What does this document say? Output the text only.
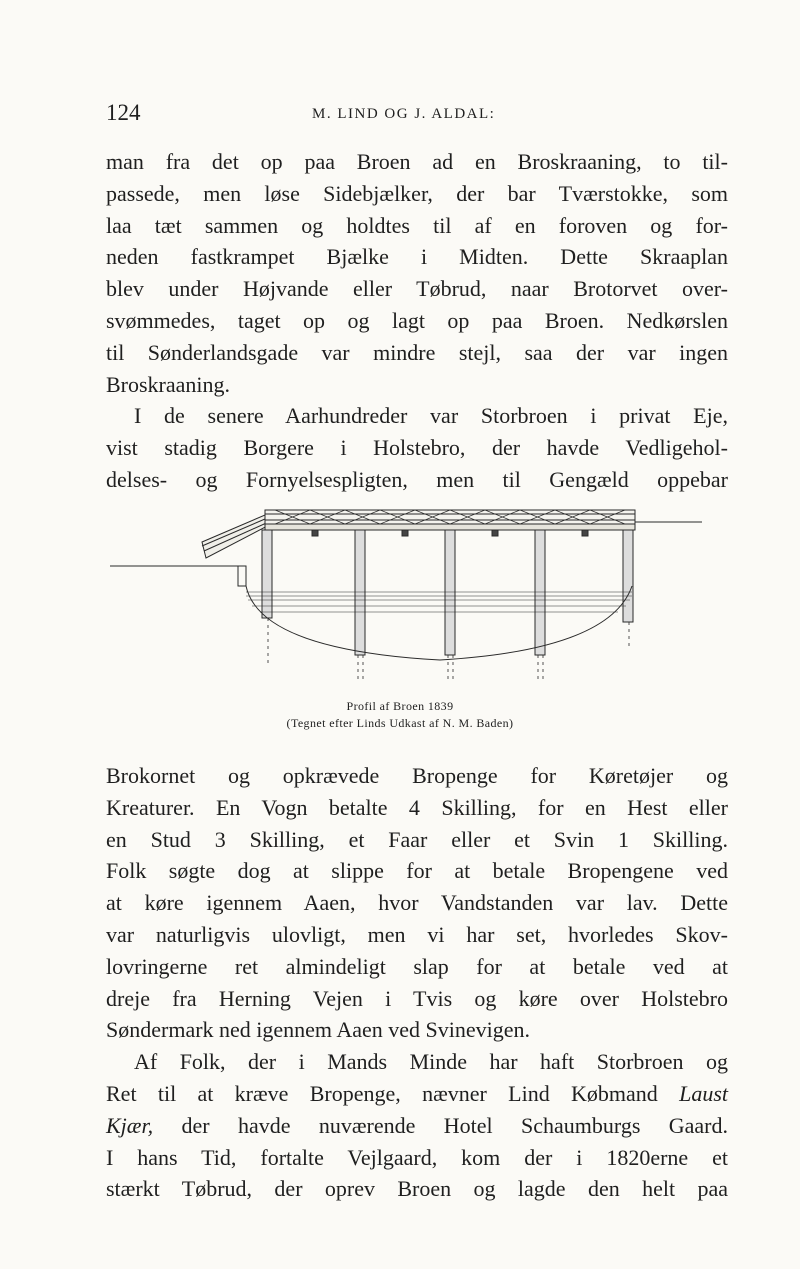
124	M. LIND OG J. ALDAL:
man fra det op paa Broen ad en Broskraaning, to til-
passede, men løse Sidebjælker, der bar Tværstokke, som
laa tæt sammen og holdtes til af en foroven og for-
neden fastkrampet Bjælke i Midten. Dette Skraaplan
blev under Højvande eller Tøbrud, naar Brotorvet over-
svømmedes, taget op og lagt op paa Broen. Nedkørslen
til Sønderlandsgade var mindre stejl, saa der var ingen
Broskraaning.
I de senere Aarhundreder var Storbroen i privat Eje,
vist stadig Borgere i Holstebro, der havde Vedligehol-
delses- og Fornyelsespligten, men til Gengæld oppebar
Profil af Broen 1839
(Tegnet efter Linds Udkast af N. M. Baden)
Brokornet og opkrævede Bropenge for Køretøjer og
Kreaturer. En Vogn betalte 4 Skilling, for en Hest eller
en Stud 3 Skilling, et Faar eller et Svin 1 Skilling.
Folk søgte dog at slippe for at betale Bropengene ved
at køre igennem Aaen, hvor Vandstanden var lav. Dette
var naturligvis ulovligt, men vi har set, hvorledes Skov-
lovringerne ret almindeligt slap for at betale ved at
dreje fra Herning Vejen i Tvis og køre over Holstebro
Søndermark ned igennem Aaen ved Svinevigen.
Af Folk, der i Mands Minde har haft Storbroen og
Ret til at kræve Bropenge, nævner Lind Købmand Laust
Kjær, der havde nuværende Hotel Schaumburgs Gaard.
I hans Tid, fortalte Vejlgaard, kom der i 1820erne et
stærkt Tøbrud, der oprev Broen og lagde den helt paa
